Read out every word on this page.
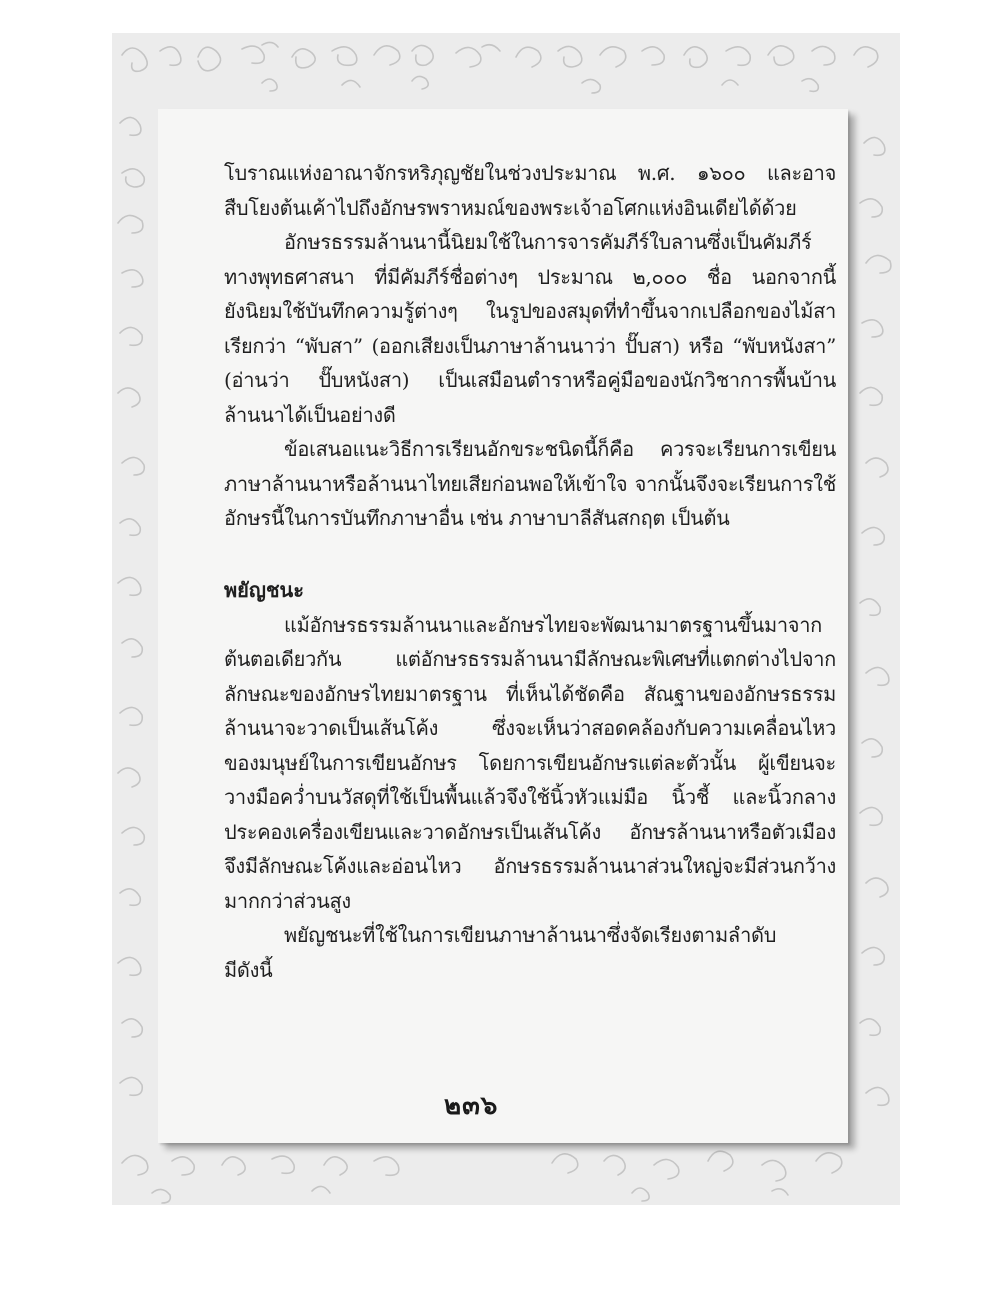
โบราณแห่งอาณาจักรหริภุญชัยในช่วงประมาณ พ.ศ. ๑๖๐๐ และอาจ
สืบโยงต้นเค้าไปถึงอักษรพราหมณ์ของพระเจ้าอโศกแห่งอินเดียได้ด้วย
อักษรธรรมล้านนานี้นิยมใช้ในการจารคัมภีร์ใบลานซึ่งเป็นคัมภีร์
ทางพุทธศาสนา ที่มีคัมภีร์ชื่อต่างๆ ประมาณ ๒,๐๐๐ ชื่อ นอกจากนี้
ยังนิยมใช้บันทึกความรู้ต่างๆ ในรูปของสมุดที่ทำขึ้นจากเปลือกของไม้สา
เรียกว่า “พับสา” (ออกเสียงเป็นภาษาล้านนาว่า ปั๊บสา) หรือ “พับหนังสา”
(อ่านว่า ปั๊บหนังสา) เป็นเสมือนตำราหรือคู่มือของนักวิชาการพื้นบ้าน
ล้านนาได้เป็นอย่างดี
ข้อเสนอแนะวิธีการเรียนอักขระชนิดนี้ก็คือ ควรจะเรียนการเขียน
ภาษาล้านนาหรือล้านนาไทยเสียก่อนพอให้เข้าใจ จากนั้นจึงจะเรียนการใช้
อักษรนี้ในการบันทึกภาษาอื่น เช่น ภาษาบาลีสันสกฤต เป็นต้น
พยัญชนะ
แม้อักษรธรรมล้านนาและอักษรไทยจะพัฒนามาตรฐานขึ้นมาจาก
ต้นตอเดียวกัน แต่อักษรธรรมล้านนามีลักษณะพิเศษที่แตกต่างไปจาก
ลักษณะของอักษรไทยมาตรฐาน ที่เห็นได้ชัดคือ สัณฐานของอักษรธรรม
ล้านนาจะวาดเป็นเส้นโค้ง ซึ่งจะเห็นว่าสอดคล้องกับความเคลื่อนไหว
ของมนุษย์ในการเขียนอักษร โดยการเขียนอักษรแต่ละตัวนั้น ผู้เขียนจะ
วางมือคว่ำบนวัสดุที่ใช้เป็นพื้นแล้วจึงใช้นิ้วหัวแม่มือ นิ้วชี้ และนิ้วกลาง
ประคองเครื่องเขียนและวาดอักษรเป็นเส้นโค้ง อักษรล้านนาหรือตัวเมือง
จึงมีลักษณะโค้งและอ่อนไหว อักษรธรรมล้านนาส่วนใหญ่จะมีส่วนกว้าง
มากกว่าส่วนสูง
พยัญชนะที่ใช้ในการเขียนภาษาล้านนาซึ่งจัดเรียงตามลำดับ
มีดังนี้
๒๓๖
